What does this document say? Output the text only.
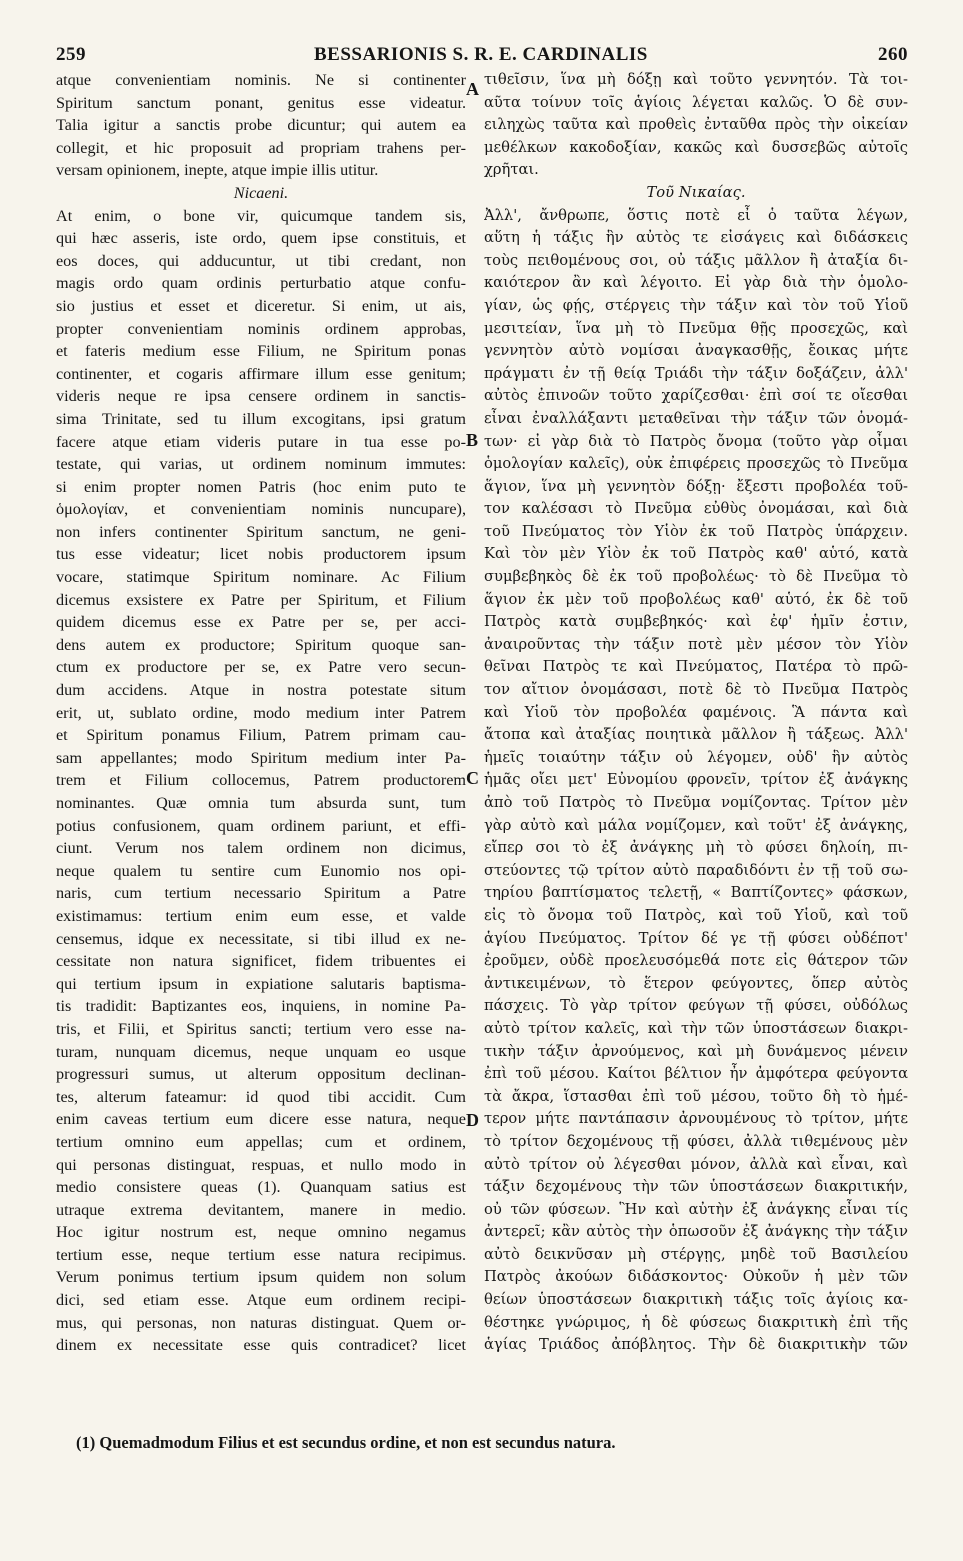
259	BESSARIONIS S. R. E. CARDINALIS	260
atque convenientiam nominis. Ne si continenter
Spiritum sanctum ponant, genitus esse videatur.
Talia igitur a sanctis probe dicuntur; qui autem ea
collegit, et hic proposuit ad propriam trahens per-
versam opinionem, inepte, atque impie illis utitur.
Nicaeni.
At enim, o bone vir, quicumque tandem sis,
qui hæc asseris, iste ordo, quem ipse constituis, et
eos doces, qui adducuntur, ut tibi credant, non
magis ordo quam ordinis perturbatio atque confu-
sio justius et esset et diceretur. Si enim, ut ais,
propter convenientiam nominis ordinem approbas,
et fateris medium esse Filium, ne Spiritum ponas
continenter, et cogaris affirmare illum esse genitum;
videris neque re ipsa censere ordinem in sanctis-
sima Trinitate, sed tu illum excogitans, ipsi gratum
facere atque etiam videris putare in tua esse po-
testate, qui varias, ut ordinem nominum immutes:
si enim propter nomen Patris (hoc enim puto te
ὁμολογίαν, et convenientiam nominis nuncupare),
non infers continenter Spiritum sanctum, ne geni-
tus esse videatur; licet nobis productorem ipsum
vocare, statimque Spiritum nominare. Ac Filium
dicemus exsistere ex Patre per Spiritum, et Filium
quidem dicemus esse ex Patre per se, per acci-
dens autem ex productore; Spiritum quoque san-
ctum ex productore per se, ex Patre vero secun-
dum accidens. Atque in nostra potestate situm
erit, ut, sublato ordine, modo medium inter Patrem
et Spiritum ponamus Filium, Patrem primam cau-
sam appellantes; modo Spiritum medium inter Pa-
trem et Filium collocemus, Patrem productorem
nominantes. Quæ omnia tum absurda sunt, tum
potius confusionem, quam ordinem pariunt, et effi-
ciunt. Verum nos talem ordinem non dicimus,
neque qualem tu sentire cum Eunomio nos opi-
naris, cum tertium necessario Spiritum a Patre
existimamus: tertium enim eum esse, et valde
censemus, idque ex necessitate, si tibi illud ex ne-
cessitate non natura significet, fidem tribuentes ei
qui tertium ipsum in expiatione salutaris baptisma-
tis tradidit: Baptizantes eos, inquiens, in nomine Pa-
tris, et Filii, et Spiritus sancti; tertium vero esse na-
turam, nunquam dicemus, neque unquam eo usque
progressuri sumus, ut alterum oppositum declinan-
tes, alterum fateamur: id quod tibi accidit. Cum
enim caveas tertium eum dicere esse natura, neque
tertium omnino eum appellas; cum et ordinem,
qui personas distinguat, respuas, et nullo modo in
medio consistere queas (1). Quanquam satius est
utraque extrema devitantem, manere in medio.
Hoc igitur nostrum est, neque omnino negamus
tertium esse, neque tertium esse natura recipimus.
Verum ponimus tertium ipsum quidem non solum
dici, sed etiam esse. Atque eum ordinem recipi-
mus, qui personas, non naturas distinguat. Quem or-
dinem ex necessitate esse quis contradicet? licet
τιθεῖσιν, ἵνα μὴ δόξῃ καὶ τοῦτο γεννητόν. Τὰ τοι-
αῦτα τοίνυν τοῖς ἁγίοις λέγεται καλῶς. Ὁ δὲ συν-
ειληχὼς ταῦτα καὶ προθεὶς ἐνταῦθα πρὸς τὴν οἰκείαν
μεθέλκων κακοδοξίαν, κακῶς καὶ δυσσεβῶς αὐτοῖς
χρῆται.
Τοῦ Νικαίας.
Ἀλλ', ἄνθρωπε, ὅστις ποτὲ εἶ ὁ ταῦτα λέγων,
αὕτη ἡ τάξις ἣν αὐτὸς τε εἰσάγεις καὶ διδάσκεις
τοὺς πειθομένους σοι, οὐ τάξις μᾶλλον ἢ ἀταξία δι-
καιότερον ἂν καὶ λέγοιτο. Εἰ γὰρ διὰ τὴν ὁμολο-
γίαν, ὡς φῄς, στέργεις τὴν τάξιν καὶ τὸν τοῦ Υἱοῦ
μεσιτείαν, ἵνα μὴ τὸ Πνεῦμα θῇς προσεχῶς, καὶ
γεννητὸν αὐτὸ νομίσαι ἀναγκασθῇς, ἔοικας μήτε
πράγματι ἐν τῇ θείᾳ Τριάδι τὴν τάξιν δοξάζειν, ἀλλ'
αὐτὸς ἐπινοῶν τοῦτο χαρίζεσθαι· ἐπὶ σοί τε οἴεσθαι
εἶναι ἐναλλάξαντι μεταθεῖναι τὴν τάξιν τῶν ὀνομά-
των· εἰ γὰρ διὰ τὸ Πατρὸς ὄνομα (τοῦτο γὰρ οἶμαι
ὁμολογίαν καλεῖς), οὐκ ἐπιφέρεις προσεχῶς τὸ Πνεῦμα
ἅγιον, ἵνα μὴ γεννητὸν δόξῃ· ἔξεστι προβολέα τοῦ-
τον καλέσασι τὸ Πνεῦμα εὐθὺς ὀνομάσαι, καὶ διὰ
τοῦ Πνεύματος τὸν Υἱὸν ἐκ τοῦ Πατρὸς ὑπάρχειν.
Καὶ τὸν μὲν Υἱὸν ἐκ τοῦ Πατρὸς καθ' αὑτό, κατὰ
συμβεβηκὸς δὲ ἐκ τοῦ προβολέως· τὸ δὲ Πνεῦμα τὸ
ἅγιον ἐκ μὲν τοῦ προβολέως καθ' αὑτό, ἐκ δὲ τοῦ
Πατρὸς κατὰ συμβεβηκός· καὶ ἐφ' ἡμῖν ἐστιν,
ἀναιροῦντας τὴν τάξιν ποτὲ μὲν μέσον τὸν Υἱὸν
θεῖναι Πατρὸς τε καὶ Πνεύματος, Πατέρα τὸ πρῶ-
τον αἴτιον ὀνομάσασι, ποτὲ δὲ τὸ Πνεῦμα Πατρὸς
καὶ Υἱοῦ τὸν προβολέα φαμένοις. Ἃ πάντα καὶ
ἄτοπα καὶ ἀταξίας ποιητικὰ μᾶλλον ἢ τάξεως. Ἀλλ'
ἡμεῖς τοιαύτην τάξιν οὐ λέγομεν, οὐδ' ἣν αὐτὸς
ἡμᾶς οἴει μετ' Εὐνομίου φρονεῖν, τρίτον ἐξ ἀνάγκης
ἀπὸ τοῦ Πατρὸς τὸ Πνεῦμα νομίζοντας. Τρίτον μὲν
γὰρ αὐτὸ καὶ μάλα νομίζομεν, καὶ τοῦτ' ἐξ ἀνάγκης,
εἴπερ σοι τὸ ἐξ ἀνάγκης μὴ τὸ φύσει δηλοίη, πι-
στεύοντες τῷ τρίτον αὐτὸ παραδιδόντι ἐν τῇ τοῦ σω-
τηρίου βαπτίσματος τελετῇ, « Βαπτίζοντες» φάσκων,
εἰς τὸ ὄνομα τοῦ Πατρὸς, καὶ τοῦ Υἱοῦ, καὶ τοῦ
ἁγίου Πνεύματος. Τρίτον δέ γε τῇ φύσει οὐδέποτ'
ἐροῦμεν, οὐδὲ προελευσόμεθά ποτε εἰς θάτερον τῶν
ἀντικειμένων, τὸ ἕτερον φεύγοντες, ὅπερ αὐτὸς
πάσχεις. Τὸ γὰρ τρίτον φεύγων τῇ φύσει, οὐδόλως
αὐτὸ τρίτον καλεῖς, καὶ τὴν τῶν ὑποστάσεων διακρι-
τικὴν τάξιν ἀρνούμενος, καὶ μὴ δυνάμενος μένειν
ἐπὶ τοῦ μέσου. Καίτοι βέλτιον ἦν ἀμφότερα φεύγοντα
τὰ ἄκρα, ἵστασθαι ἐπὶ τοῦ μέσου, τοῦτο δὴ τὸ ἡμέ-
τερον μήτε παντάπασιν ἀρνουμένους τὸ τρίτον, μήτε
τὸ τρίτον δεχομένους τῇ φύσει, ἀλλὰ τιθεμένους μὲν
αὐτὸ τρίτον οὐ λέγεσθαι μόνον, ἀλλὰ καὶ εἶναι, καὶ
τάξιν δεχομένους τὴν τῶν ὑποστάσεων διακριτικήν,
οὐ τῶν φύσεων. Ἣν καὶ αὐτὴν ἐξ ἀνάγκης εἶναι τίς
ἀντερεῖ; κἂν αὐτὸς τὴν ὁπωσοῦν ἐξ ἀνάγκης τὴν τάξιν
αὐτὸ δεικνῦσαν μὴ στέργῃς, μηδὲ τοῦ Βασιλείου
Πατρὸς ἀκούων διδάσκοντος· Οὐκοῦν ἡ μὲν τῶν
θείων ὑποστάσεων διακριτικὴ τάξις τοῖς ἁγίοις κα-
θέστηκε γνώριμος, ἡ δὲ φύσεως διακριτικὴ ἐπὶ τῆς
ἁγίας Τριάδος ἀπόβλητος. Τὴν δὲ διακριτικὴν τῶν
A
B
C
D
(1) Quemadmodum Filius et est secundus ordine, et non est secundus natura.
